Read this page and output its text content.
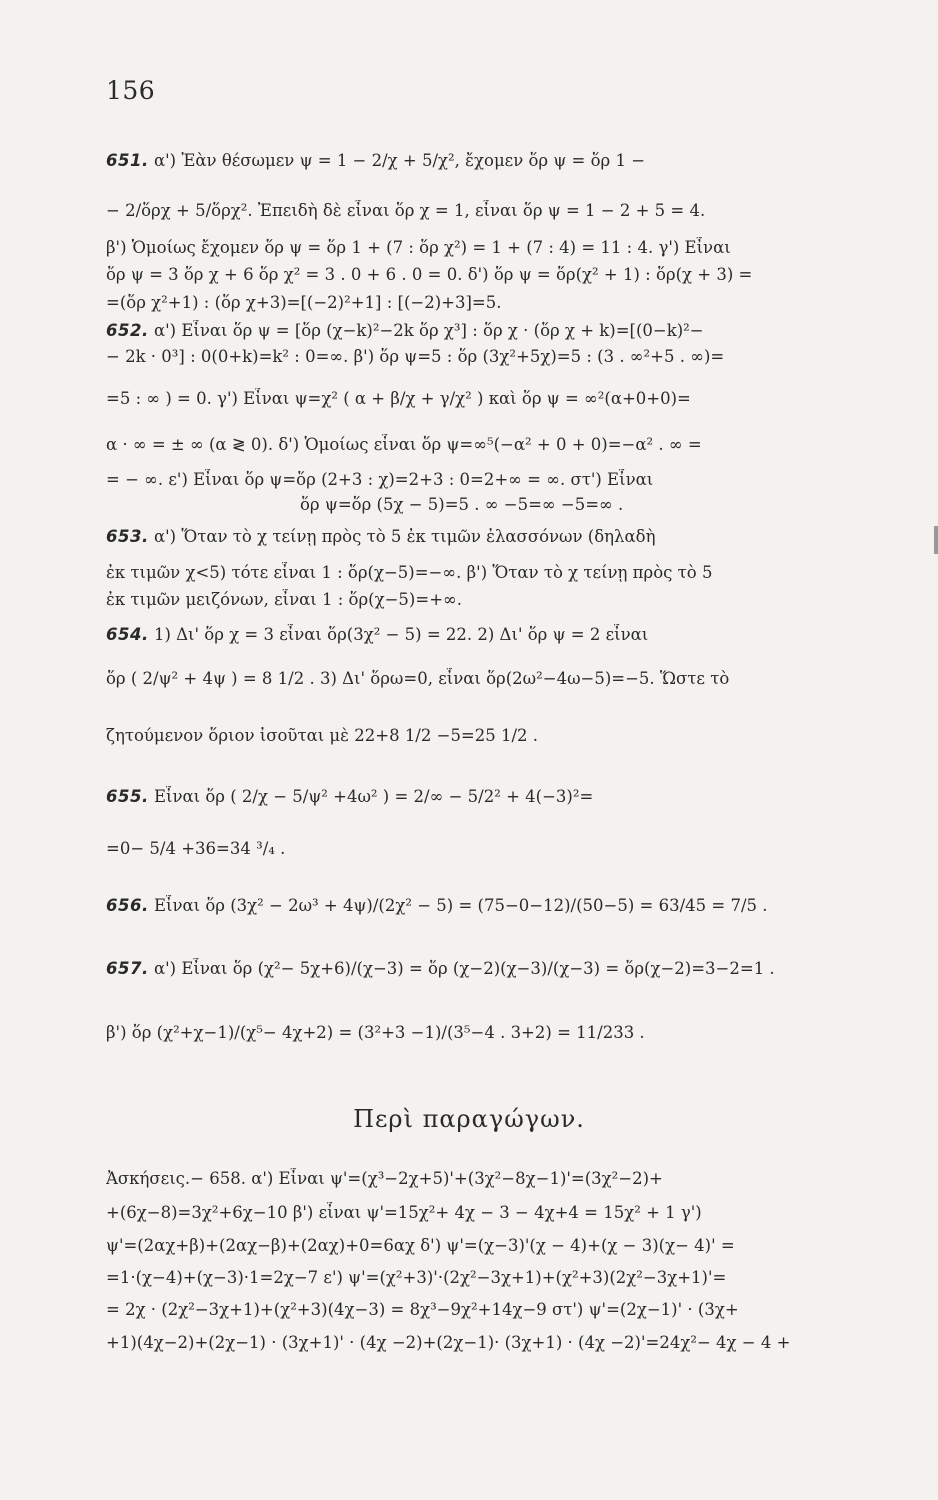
156
651. α') Ἐὰν θέσωμεν ψ = 1 − 2/χ + 5/χ², ἔχομεν ὅρ ψ = ὅρ 1 −
− 2/ὅρχ + 5/ὅρχ². Ἐπειδὴ δὲ εἶναι ὅρ χ = 1, εἶναι ὅρ ψ = 1 − 2 + 5 = 4.
β') Ὁμοίως ἔχομεν ὅρ ψ = ὅρ 1 + (7 : ὅρ χ²) = 1 + (7 : 4) = 11 : 4. γ') Εἶναι
ὅρ ψ = 3 ὅρ χ + 6 ὅρ χ² = 3 . 0 + 6 . 0 = 0. δ') ὅρ ψ = ὅρ(χ² + 1) : ὅρ(χ + 3) =
=(ὅρ χ²+1) : (ὅρ χ+3)=[(−2)²+1] : [(−2)+3]=5.
652. α') Εἶναι ὅρ ψ = [ὅρ (χ−k)²−2k ὅρ χ³] : ὅρ χ · (ὅρ χ + k)=[(0−k)²−
− 2k · 0³] : 0(0+k)=k² : 0=∞. β') ὅρ ψ=5 : ὅρ (3χ²+5χ)=5 : (3 . ∞²+5 . ∞)=
=5 : ∞ ) = 0. γ') Εἶναι ψ=χ² ( α + β/χ + γ/χ² ) καὶ ὅρ ψ = ∞²(α+0+0)=
α · ∞ = ± ∞ (α ≷ 0). δ') Ὁμοίως εἶναι ὅρ ψ=∞⁵(−α² + 0 + 0)=−α² . ∞ =
= − ∞. ε') Εἶναι ὅρ ψ=ὅρ (2+3 : χ)=2+3 : 0=2+∞ = ∞. στ') Εἶναι
ὅρ ψ=ὅρ (5χ − 5)=5 . ∞ −5=∞ −5=∞ .
653. α') Ὅταν τὸ χ τείνῃ πρὸς τὸ 5 ἐκ τιμῶν ἐλασσόνων (δηλαδὴ
ἐκ τιμῶν χ<5) τότε εἶναι 1 : ὅρ(χ−5)=−∞. β') Ὅταν τὸ χ τείνῃ πρὸς τὸ 5
ἐκ τιμῶν μειζόνων, εἶναι 1 : ὅρ(χ−5)=+∞.
654. 1) Δι' ὅρ χ = 3 εἶναι ὅρ(3χ² − 5) = 22. 2) Δι' ὅρ ψ = 2 εἶναι
ὅρ ( 2/ψ² + 4ψ ) = 8 1/2 . 3) Δι' ὅρω=0, εἶναι ὅρ(2ω²−4ω−5)=−5. Ὥστε τὸ
ζητούμενον ὅριον ἰσοῦται μὲ 22+8 1/2 −5=25 1/2 .
655. Εἶναι ὅρ ( 2/χ − 5/ψ² +4ω² ) = 2/∞ − 5/2² + 4(−3)²=
=0− 5/4 +36=34 ³/₄ .
656. Εἶναι ὅρ (3χ² − 2ω³ + 4ψ)/(2χ² − 5) = (75−0−12)/(50−5) = 63/45 = 7/5 .
657. α') Εἶναι ὅρ (χ²− 5χ+6)/(χ−3) = ὅρ (χ−2)(χ−3)/(χ−3) = ὅρ(χ−2)=3−2=1 .
β') ὅρ (χ²+χ−1)/(χ⁵− 4χ+2) = (3²+3 −1)/(3⁵−4 . 3+2) = 11/233 .
Περὶ παραγώγων.
Ἀσκήσεις.− 658. α') Εἶναι ψ'=(χ³−2χ+5)'+(3χ²−8χ−1)'=(3χ²−2)+
+(6χ−8)=3χ²+6χ−10 β') εἶναι ψ'=15χ²+ 4χ − 3 − 4χ+4 = 15χ² + 1 γ')
ψ'=(2αχ+β)+(2αχ−β)+(2αχ)+0=6αχ δ') ψ'=(χ−3)'(χ − 4)+(χ − 3)(χ− 4)' =
=1·(χ−4)+(χ−3)·1=2χ−7 ε') ψ'=(χ²+3)'·(2χ²−3χ+1)+(χ²+3)(2χ²−3χ+1)'=
= 2χ · (2χ²−3χ+1)+(χ²+3)(4χ−3) = 8χ³−9χ²+14χ−9 στ') ψ'=(2χ−1)' · (3χ+
+1)(4χ−2)+(2χ−1) · (3χ+1)' · (4χ −2)+(2χ−1)· (3χ+1) · (4χ −2)'=24χ²− 4χ − 4 +
